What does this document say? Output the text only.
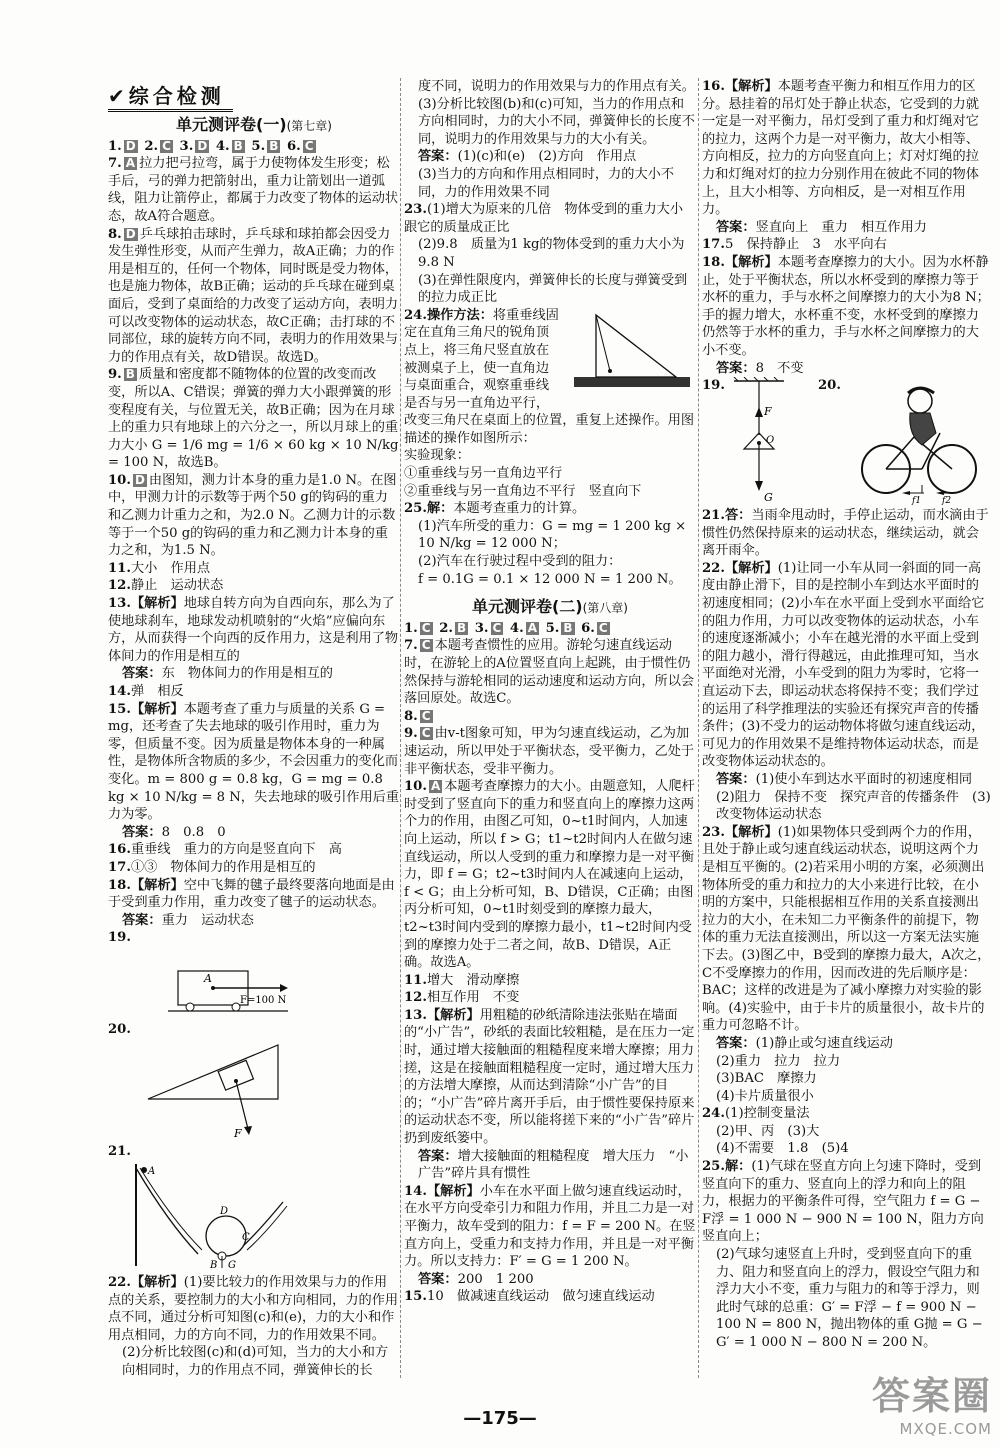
✔综合检测
单元测评卷(一)(第七章)

1. D 2. C 3. D 4. B 5. B 6. C

7. A 拉力把弓拉弯，属于力使物体发生形变；松手后，弓的弹力把箭射出，重力让箭划出一道弧线，阻力让箭停止，都属于力改变了物体的运动状态，故A符合题意。

8. D 乒乓球拍击球时，乒乓球和球拍都会因受力发生弹性形变，从而产生弹力，故A正确；力的作用是相互的，任何一个物体，同时既是受力物体，也是施力物体，故B正确；运动的乒乓球在碰到桌面后，受到了桌面给的力改变了运动方向，表明力可以改变物体的运动状态，故C正确；击打球的不同部位，球的旋转方向不同，表明力的作用效果与力的作用点有关，故D错误。故选D。

9. B 质量和密度都不随物体的位置的改变而改变，所以A、C错误；弹簧的弹力大小跟弹簧的形变程度有关，与位置无关，故B正确；因为在月球上的重力只有地球上的六分之一，所以月球上的重力大小 G = 1/6 mg = 1/6 × 60 kg × 10 N/kg = 100 N，故选B。

10. D 由图知，测力计本身的重力是1.0 N。在图中，甲测力计的示数等于两个50 g的钩码的重力和乙测力计重力之和，为2.0 N。乙测力计的示数等于一个50 g的钩码的重力和乙测力计本身的重力之和，为1.5 N。

11.大小　作用点

12.静止　运动状态

13.【解析】地球自转方向为自西向东，那么为了使地球刹车，地球发动机喷射的“火焰”应偏向东方，从而获得一个向西的反作用力，这是利用了物体间力的作用是相互的

答案：东　物体间力的作用是相互的

14.弹　相反

15.【解析】本题考查了重力与质量的关系 G = mg，还考查了失去地球的吸引作用时，重力为零，但质量不变。因为质量是物体本身的一种属性，是物体所含物质的多少，不会因重力的变化而变化。m = 800 g = 0.8 kg，G = mg = 0.8 kg × 10 N/kg = 8 N，失去地球的吸引作用后重力为零。

答案：8　0.8　0

16.重垂线　重力的方向是竖直向下　高

17.①③　物体间力的作用是相互的

18.【解析】空中飞舞的毽子最终要落向地面是由于受到重力作用，重力改变了毽子的运动状态。

答案：重力　运动状态

19.

A
F=100 N

20.

F

21.

A
B
C
D
G

22.【解析】(1)要比较力的作用效果与力的作用点的关系，要控制力的大小和方向相同，力的作用点不同，通过分析可知图(c)和(e)，力的大小和作用点相同，力的方向不同，力的作用效果不同。

(2)分析比较图(c)和(d)可知，当力的大小和方向相同时，力的作用点不同，弹簧伸长的长

度不同，说明力的作用效果与力的作用点有关。

(3)分析比较图(b)和(c)可知，当力的作用点和方向相同时，力的大小不同，弹簧伸长的长度不同，说明力的作用效果与力的大小有关。

答案：(1)(c)和(e)　(2)方向　作用点

(3)当力的方向和作用点相同时，力的大小不同，力的作用效果不同

23.(1)增大为原来的几倍　物体受到的重力大小跟它的质量成正比

(2)9.8　质量为1 kg的物体受到的重力大小为9.8 N

(3)在弹性限度内，弹簧伸长的长度与弹簧受到的拉力成正比

24.操作方法：将重垂线固定在直角三角尺的锐角顶点上，将三角尺竖直放在被测桌子上，使一直角边与桌面重合，观察重垂线是否与另一直角边平行，改变三角尺在桌面上的位置，重复上述操作。用图描述的操作如图所示：

实验现象：

①重垂线与另一直角边平行

②重垂线与另一直角边不平行　竖直向下

25.解：本题考查重力的计算。

(1)汽车所受的重力：G = mg = 1 200 kg × 10 N/kg = 12 000 N；

(2)汽车在行驶过程中受到的阻力：

f = 0.1G = 0.1 × 12 000 N = 1 200 N。

单元测评卷(二)(第八章)

1. C 2. B 3. C 4. A 5. B 6. C

7. C 本题考查惯性的应用。游轮匀速直线运动时，在游轮上的A位置竖直向上起跳，由于惯性仍然保持与游轮相同的运动速度和运动方向，所以会落回原处。故选C。

8. C

9. C 由v-t图象可知，甲为匀速直线运动，乙为加速运动，所以甲处于平衡状态，受平衡力，乙处于非平衡状态，受非平衡力。

10. A 本题考查摩擦力的大小。由题意知，人爬杆时受到了竖直向下的重力和竖直向上的摩擦力这两个力的作用，由图乙可知，0~t1时间内，人加速向上运动，所以 f > G；t1~t2时间内人在做匀速直线运动，所以人受到的重力和摩擦力是一对平衡力，即 f = G；t2~t3时间内人在减速向上运动，f < G；由上分析可知，B、D错误，C正确；由图丙分析可知，0~t1时刻受到的摩擦力最大，t2~t3时间内受到的摩擦力最小，t1~t2时间内受到的摩擦力处于二者之间，故B、D错误，A正确。故选A。

11.增大　滑动摩擦

12.相互作用　不变

13.【解析】用粗糙的砂纸清除违法张贴在墙面的“小广告”，砂纸的表面比较粗糙，是在压力一定时，通过增大接触面的粗糙程度来增大摩擦；用力搓，这是在接触面粗糙程度一定时，通过增大压力的方法增大摩擦，从而达到清除“小广告”的目的；“小广告”碎片离开手后，由于惯性要保持原来的运动状态不变，所以能将搓下来的“小广告”碎片扔到废纸篓中。

答案：增大接触面的粗糙程度　增大压力　“小广告”碎片具有惯性

14.【解析】小车在水平面上做匀速直线运动时，在水平方向受牵引力和阻力作用，并且二力是一对平衡力，故车受到的阻力：f = F = 200 N。在竖直方向上，受重力和支持力作用，并且是一对平衡力。所以支持力：F′ = G = 1 200 N。

答案：200　1 200

15.10　做减速直线运动　做匀速直线运动

16.【解析】本题考查平衡力和相互作用力的区分。悬挂着的吊灯处于静止状态，它受到的力就一定是一对平衡力，吊灯受到了重力和灯绳对它的拉力，这两个力是一对平衡力，故大小相等、方向相反，拉力的方向竖直向上；灯对灯绳的拉力和灯绳对灯的拉力分别作用在彼此不同的物体上，且大小相等、方向相反，是一对相互作用力。

答案：竖直向上　重力　相互作用力

17.5　保持静止　3　水平向右

18.【解析】本题考查摩擦力的大小。因为水杯静止，处于平衡状态，所以水杯受到的摩擦力等于水杯的重力，手与水杯之间摩擦力的大小为8 N；手的握力增大，水杯重不变，水杯受到的摩擦力仍然等于水杯的重力，手与水杯之间摩擦力的大小不变。

答案：8　不变

19.
F
O
G
20.
f1 f2

21.答：当雨伞甩动时，手停止运动，而水滴由于惯性仍然保持原来的运动状态，继续运动，就会离开雨伞。

22.【解析】(1)让同一小车从同一斜面的同一高度由静止滑下，目的是控制小车到达水平面时的初速度相同；(2)小车在水平面上受到水平面给它的阻力作用，力可以改变物体的运动状态，小车的速度逐渐减小；小车在越光滑的水平面上受到的阻力越小，滑行得越远，由此推理可知，当水平面绝对光滑，小车受到的阻力为零时，它将一直运动下去，即运动状态将保持不变；我们学过的运用了科学推理法的实验还有探究声音的传播条件；(3)不受力的运动物体将做匀速直线运动，可见力的作用效果不是维持物体运动状态，而是改变物体运动状态的。

答案：(1)使小车到达水平面时的初速度相同

(2)阻力　保持不变　探究声音的传播条件　(3)改变物体运动状态

23.【解析】(1)如果物体只受到两个力的作用，且处于静止或匀速直线运动状态，说明这两个力是相互平衡的。(2)若采用小明的方案，必须测出物体所受的重力和拉力的大小来进行比较，在小明的方案中，只能根据相互作用的关系直接测出拉力的大小，在未知二力平衡条件的前提下，物体的重力无法直接测出，所以这一方案无法实施下去。(3)图乙中，B受到的摩擦力最大，A次之，C不受摩擦力的作用，因而改进的先后顺序是：BAC；这样的改进是为了减小摩擦力对实验的影响。(4)实验中，由于卡片的质量很小，故卡片的重力可忽略不计。

答案：(1)静止或匀速直线运动

(2)重力　拉力　拉力

(3)BAC　摩擦力

(4)卡片质量很小

24.(1)控制变量法

(2)甲、丙　(3)大

(4)不需要　1.8　(5)4

25.解：(1)气球在竖直方向上匀速下降时，受到竖直向下的重力、竖直向上的浮力和向上的阻力，根据力的平衡条件可得，空气阻力 f = G − F浮 = 1 000 N − 900 N = 100 N，阻力方向竖直向上；

(2)气球匀速竖直上升时，受到竖直向下的重力、阻力和竖直向上的浮力，假设空气阻力和浮力大小不变，重力与阻力的和等于浮力，则此时气球的总重：G′ = F浮 − f = 900 N − 100 N = 800 N，抛出物体的重 G抛 = G − G′ = 1 000 N − 800 N = 200 N。

—175—
答案圈
MXQE.COM
